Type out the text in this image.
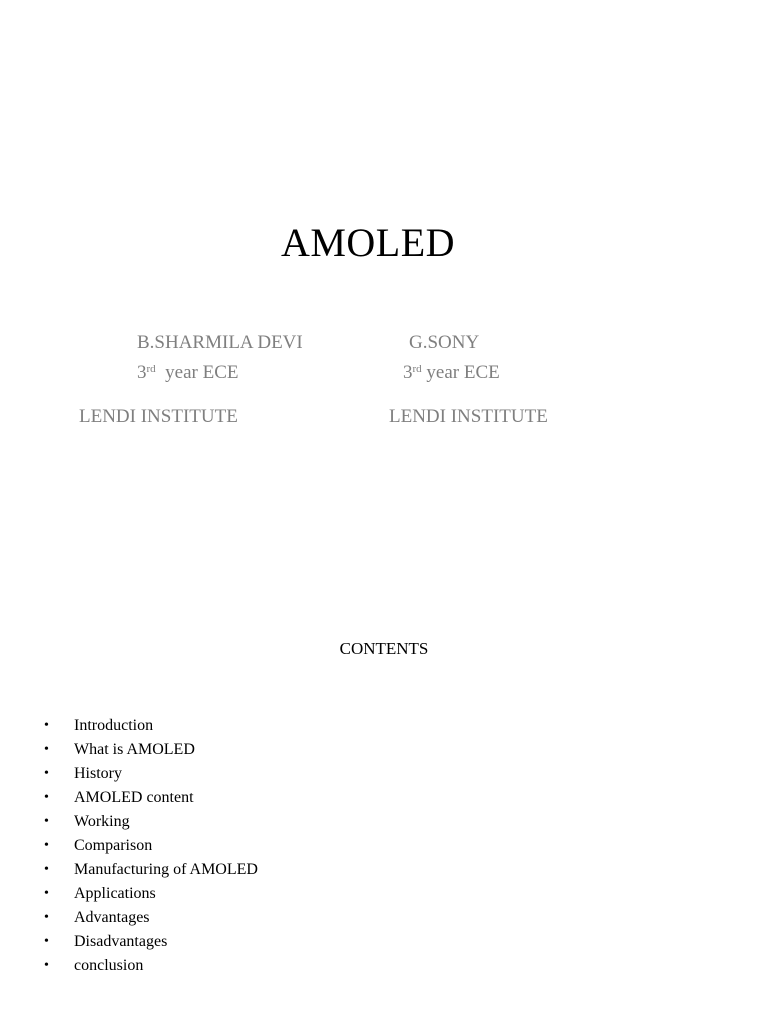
AMOLED
B.SHARMILA DEVI
3rd year ECE
LENDI INSTITUTE
G.SONY
3rd year ECE
LENDI INSTITUTE
CONTENTS
• Introduction
• What is AMOLED
• History
• AMOLED content
• Working
• Comparison
• Manufacturing of AMOLED
• Applications
• Advantages
• Disadvantages
• conclusion
